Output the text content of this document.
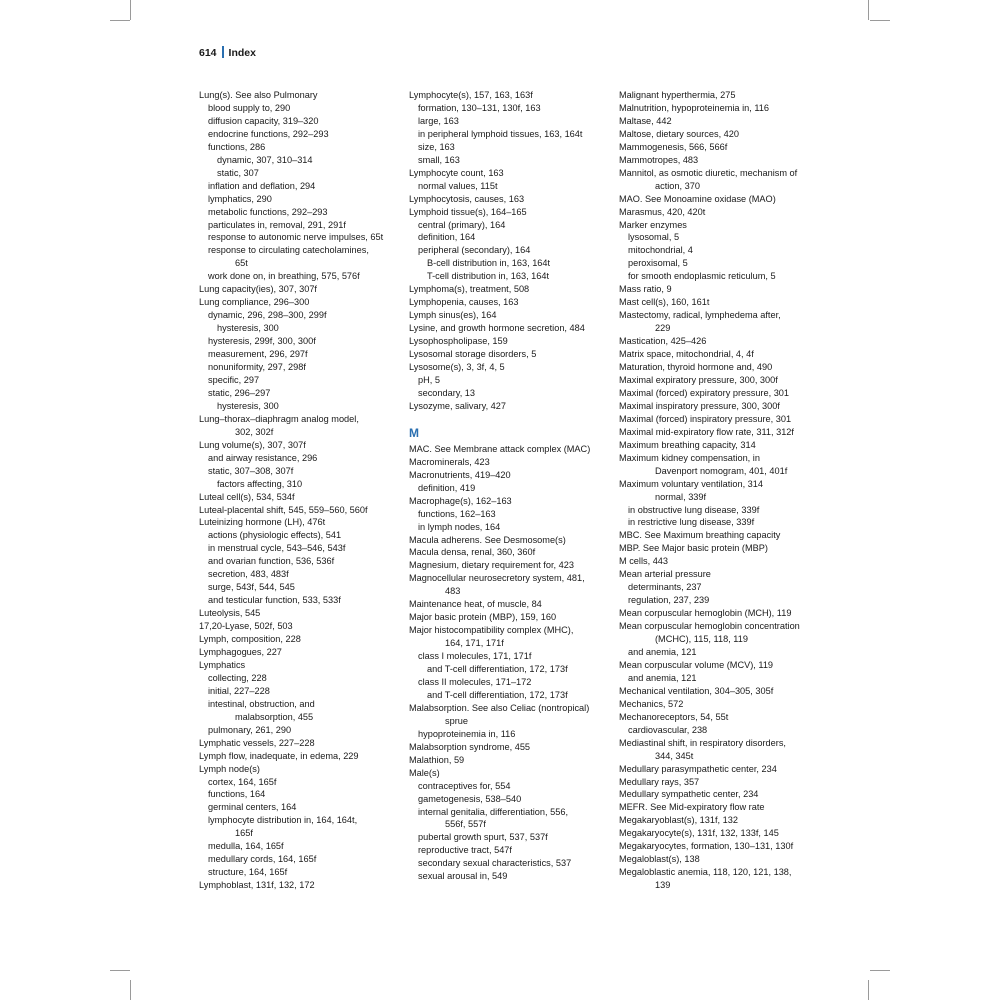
614 Index
Lung(s). See also Pulmonary
blood supply to, 290
diffusion capacity, 319–320
endocrine functions, 292–293
functions, 286
dynamic, 307, 310–314
static, 307
inflation and deflation, 294
lymphatics, 290
metabolic functions, 292–293
particulates in, removal, 291, 291f
response to autonomic nerve impulses, 65t
response to circulating catecholamines,
65t
work done on, in breathing, 575, 576f
Lung capacity(ies), 307, 307f
Lung compliance, 296–300
dynamic, 296, 298–300, 299f
hysteresis, 300
hysteresis, 299f, 300, 300f
measurement, 296, 297f
nonuniformity, 297, 298f
specific, 297
static, 296–297
hysteresis, 300
Lung–thorax–diaphragm analog model,
302, 302f
Lung volume(s), 307, 307f
and airway resistance, 296
static, 307–308, 307f
factors affecting, 310
Luteal cell(s), 534, 534f
Luteal-placental shift, 545, 559–560, 560f
Luteinizing hormone (LH), 476t
actions (physiologic effects), 541
in menstrual cycle, 543–546, 543f
and ovarian function, 536, 536f
secretion, 483, 483f
surge, 543f, 544, 545
and testicular function, 533, 533f
Luteolysis, 545
17,20-Lyase, 502f, 503
Lymph, composition, 228
Lymphagogues, 227
Lymphatics
collecting, 228
initial, 227–228
intestinal, obstruction, and
malabsorption, 455
pulmonary, 261, 290
Lymphatic vessels, 227–228
Lymph flow, inadequate, in edema, 229
Lymph node(s)
cortex, 164, 165f
functions, 164
germinal centers, 164
lymphocyte distribution in, 164, 164t,
165f
medulla, 164, 165f
medullary cords, 164, 165f
structure, 164, 165f
Lymphoblast, 131f, 132, 172
Lymphocyte(s), 157, 163, 163f
formation, 130–131, 130f, 163
large, 163
in peripheral lymphoid tissues, 163, 164t
size, 163
small, 163
Lymphocyte count, 163
normal values, 115t
Lymphocytosis, causes, 163
Lymphoid tissue(s), 164–165
central (primary), 164
definition, 164
peripheral (secondary), 164
B-cell distribution in, 163, 164t
T-cell distribution in, 163, 164t
Lymphoma(s), treatment, 508
Lymphopenia, causes, 163
Lymph sinus(es), 164
Lysine, and growth hormone secretion, 484
Lysophospholipase, 159
Lysosomal storage disorders, 5
Lysosome(s), 3, 3f, 4, 5
pH, 5
secondary, 13
Lysozyme, salivary, 427
M
MAC. See Membrane attack complex (MAC)
Macrominerals, 423
Macronutrients, 419–420
definition, 419
Macrophage(s), 162–163
functions, 162–163
in lymph nodes, 164
Macula adherens. See Desmosome(s)
Macula densa, renal, 360, 360f
Magnesium, dietary requirement for, 423
Magnocellular neurosecretory system, 481,
483
Maintenance heat, of muscle, 84
Major basic protein (MBP), 159, 160
Major histocompatibility complex (MHC),
164, 171, 171f
class I molecules, 171, 171f
and T-cell differentiation, 172, 173f
class II molecules, 171–172
and T-cell differentiation, 172, 173f
Malabsorption. See also Celiac (nontropical)
sprue
hypoproteinemia in, 116
Malabsorption syndrome, 455
Malathion, 59
Male(s)
contraceptives for, 554
gametogenesis, 538–540
internal genitalia, differentiation, 556,
556f, 557f
pubertal growth spurt, 537, 537f
reproductive tract, 547f
secondary sexual characteristics, 537
sexual arousal in, 549
Malignant hyperthermia, 275
Malnutrition, hypoproteinemia in, 116
Maltase, 442
Maltose, dietary sources, 420
Mammogenesis, 566, 566f
Mammotropes, 483
Mannitol, as osmotic diuretic, mechanism of
action, 370
MAO. See Monoamine oxidase (MAO)
Marasmus, 420, 420t
Marker enzymes
lysosomal, 5
mitochondrial, 4
peroxisomal, 5
for smooth endoplasmic reticulum, 5
Mass ratio, 9
Mast cell(s), 160, 161t
Mastectomy, radical, lymphedema after,
229
Mastication, 425–426
Matrix space, mitochondrial, 4, 4f
Maturation, thyroid hormone and, 490
Maximal expiratory pressure, 300, 300f
Maximal (forced) expiratory pressure, 301
Maximal inspiratory pressure, 300, 300f
Maximal (forced) inspiratory pressure, 301
Maximal mid-expiratory flow rate, 311, 312f
Maximum breathing capacity, 314
Maximum kidney compensation, in
Davenport nomogram, 401, 401f
Maximum voluntary ventilation, 314
normal, 339f
in obstructive lung disease, 339f
in restrictive lung disease, 339f
MBC. See Maximum breathing capacity
MBP. See Major basic protein (MBP)
M cells, 443
Mean arterial pressure
determinants, 237
regulation, 237, 239
Mean corpuscular hemoglobin (MCH), 119
Mean corpuscular hemoglobin concentration
(MCHC), 115, 118, 119
and anemia, 121
Mean corpuscular volume (MCV), 119
and anemia, 121
Mechanical ventilation, 304–305, 305f
Mechanics, 572
Mechanoreceptors, 54, 55t
cardiovascular, 238
Mediastinal shift, in respiratory disorders,
344, 345t
Medullary parasympathetic center, 234
Medullary rays, 357
Medullary sympathetic center, 234
MEFR. See Mid-expiratory flow rate
Megakaryoblast(s), 131f, 132
Megakaryocyte(s), 131f, 132, 133f, 145
Megakaryocytes, formation, 130–131, 130f
Megaloblast(s), 138
Megaloblastic anemia, 118, 120, 121, 138,
139
